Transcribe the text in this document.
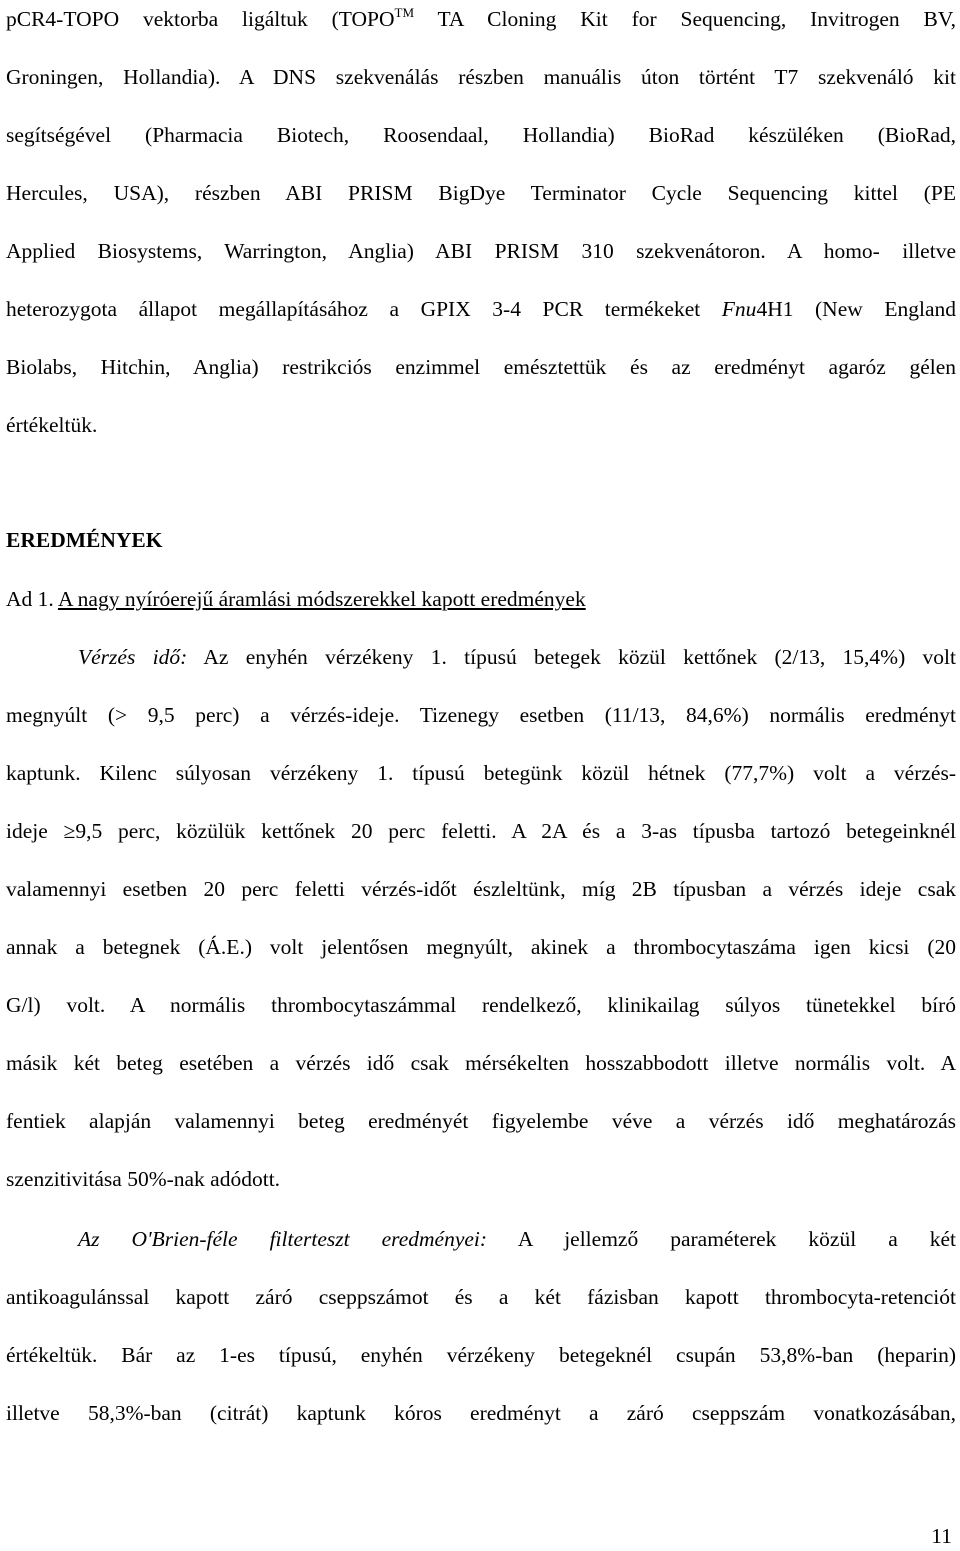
pCR4-TOPO vektorba ligáltuk (TOPO™ TA Cloning Kit for Sequencing, Invitrogen BV,
Groningen, Hollandia). A DNS szekvenálás részben manuális úton történt T7 szekvenáló kit
segítségével (Pharmacia Biotech, Roosendaal, Hollandia) BioRad készüléken (BioRad,
Hercules, USA), részben ABI PRISM BigDye Terminator Cycle Sequencing kittel (PE
Applied Biosystems, Warrington, Anglia) ABI PRISM 310 szekvenátoron. A homo- illetve
heterozygota állapot megállapításához a GPIX 3-4 PCR termékeket Fnu4H1 (New England
Biolabs, Hitchin, Anglia) restrikciós enzimmel emésztettük és az eredményt agaróz gélen
értékeltük.
EREDMÉNYEK
Ad 1. A nagy nyíróerejű áramlási módszerekkel kapott eredmények
Vérzés idő: Az enyhén vérzékeny 1. típusú betegek közül kettőnek (2/13, 15,4%) volt
megnyúlt (> 9,5 perc) a vérzés-ideje. Tizenegy esetben (11/13, 84,6%) normális eredményt
kaptunk. Kilenc súlyosan vérzékeny 1. típusú betegünk közül hétnek (77,7%) volt a vérzés-
ideje ≥9,5 perc, közülük kettőnek 20 perc feletti. A 2A és a 3-as típusba tartozó betegeinknél
valamennyi esetben 20 perc feletti vérzés-időt észleltünk, míg 2B típusban a vérzés ideje csak
annak a betegnek (Á.E.) volt jelentősen megnyúlt, akinek a thrombocytaszáma igen kicsi (20
G/l) volt. A normális thrombocytaszámmal rendelkező, klinikailag súlyos tünetekkel bíró
másik két beteg esetében a vérzés idő csak mérsékelten hosszabbodott illetve normális volt. A
fentiek alapján valamennyi beteg eredményét figyelembe véve a vérzés idő meghatározás
szenzitivitása 50%-nak adódott.
Az O'Brien-féle filterteszt eredményei: A jellemző paraméterek közül a két
antikoagulánssal kapott záró cseppszámot és a két fázisban kapott thrombocyta-retenciót
értékeltük. Bár az 1-es típusú, enyhén vérzékeny betegeknél csupán 53,8%-ban (heparin)
illetve 58,3%-ban (citrát) kaptunk kóros eredményt a záró cseppszám vonatkozásában,
11
